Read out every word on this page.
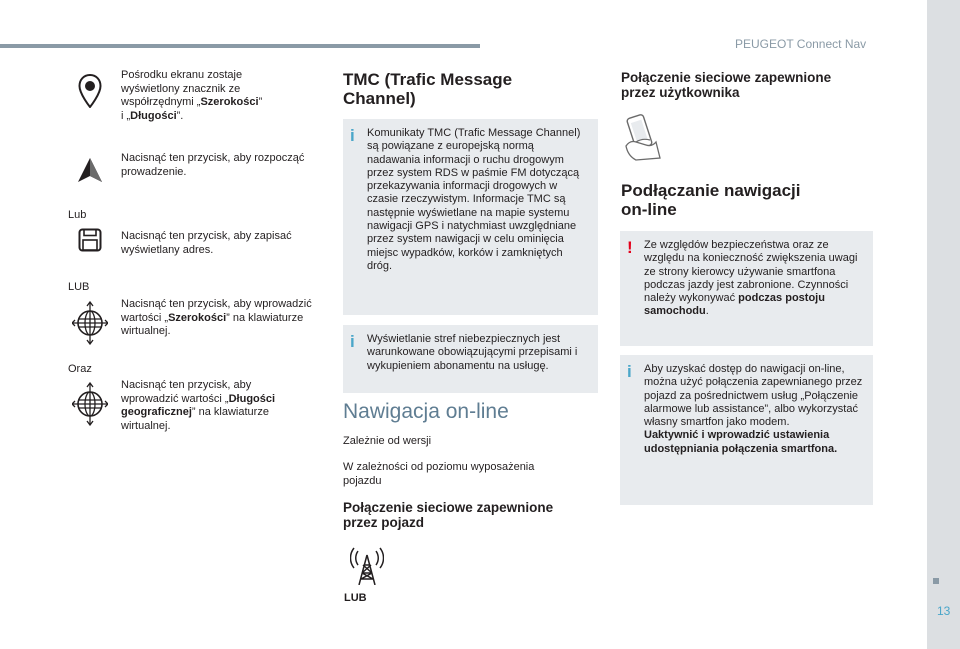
PEUGEOT Connect Nav
13

Pośrodku ekranu zostaje
wyświetlony znacznik ze
współrzędnymi „Szerokości”
i „Długości”.

Nacisnąć ten przycisk, aby rozpocząć prowadzenie.

Lub

Nacisnąć ten przycisk, aby zapisać wyświetlany adres.

LUB

Nacisnąć ten przycisk, aby wprowadzić wartości „Szerokości” na klawiaturze wirtualnej.

Oraz

Nacisnąć ten przycisk, aby wprowadzić wartości „Długości geograficznej” na klawiaturze wirtualnej.

TMC (Trafic Message
Channel)
i Komunikaty TMC (Trafic Message Channel) są powiązane z europejską normą nadawania informacji o ruchu drogowym przez system RDS w paśmie FM dotyczącą przekazywania informacji drogowych w czasie rzeczywistym. Informacje TMC są następnie wyświetlane na mapie systemu nawigacji GPS i natychmiast uwzględniane przez system nawigacji w celu ominięcia miejsc wypadków, korków i zamkniętych dróg.
i Wyświetlanie stref niebezpiecznych jest warunkowane obowiązującymi przepisami i wykupieniem abonamentu na usługę.
Nawigacja on-line

Zależnie od wersji

W zależności od poziomu wyposażenia pojazdu

Połączenie sieciowe zapewnione
przez pojazd
LUB
Połączenie sieciowe zapewnione
przez użytkownika
Podłączanie nawigacji
on-line
! Ze względów bezpieczeństwa oraz ze względu na konieczność zwiększenia uwagi ze strony kierowcy używanie smartfona podczas jazdy jest zabronione. Czynności należy wykonywać podczas postoju samochodu.
i Aby uzyskać dostęp do nawigacji on-line, można użyć połączenia zapewnianego przez pojazd za pośrednictwem usług „Połączenie alarmowe lub assistance”, albo wykorzystać własny smartfon jako modem.
Uaktywnić i wprowadzić ustawienia udostępniania połączenia smartfona.
